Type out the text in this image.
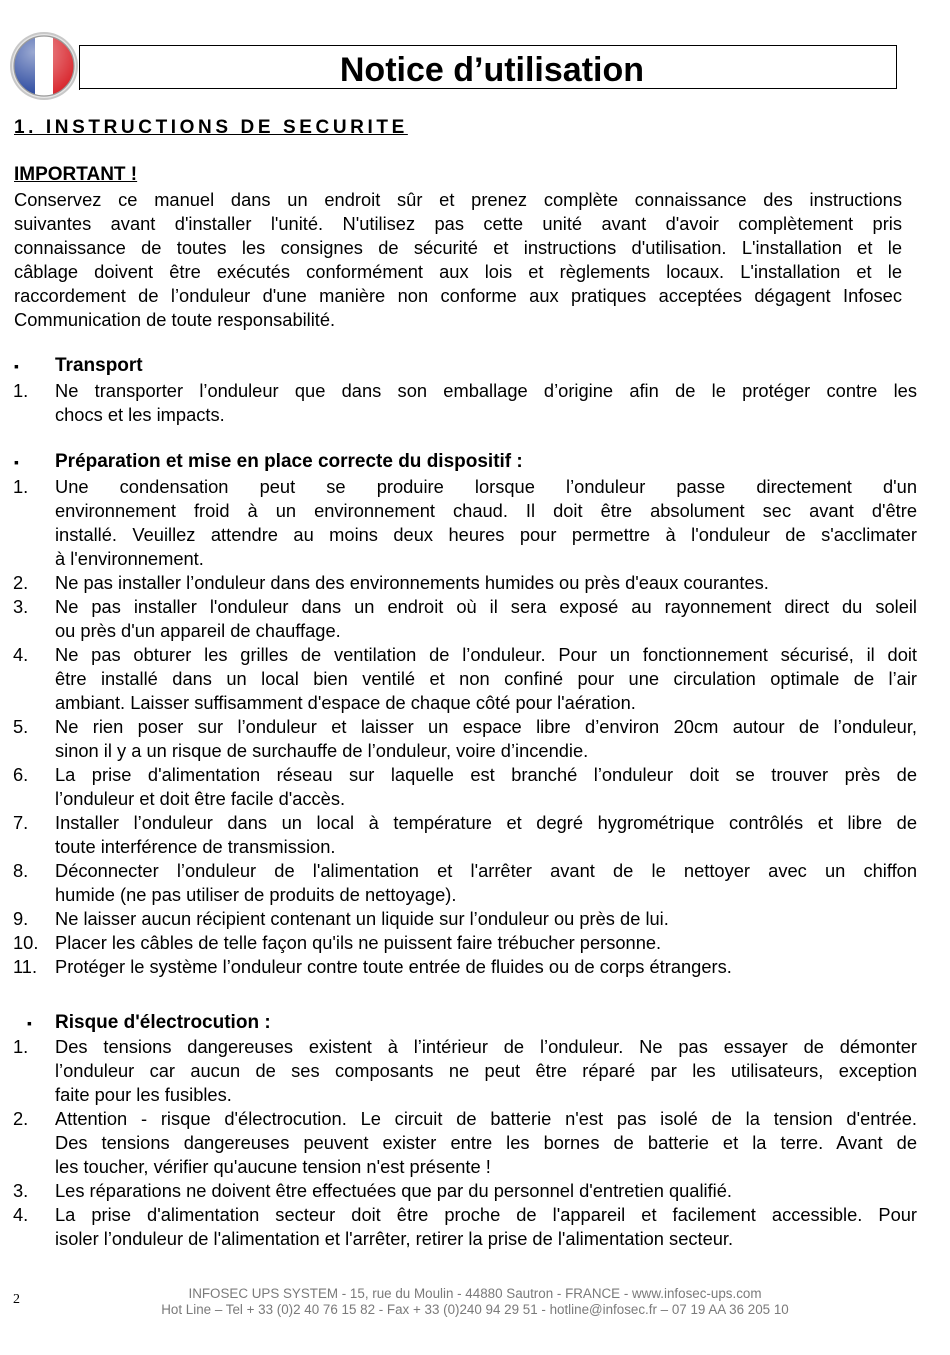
Notice d’utilisation
1. INSTRUCTIONS DE SECURITE
IMPORTANT !
Conservez ce manuel dans un endroit sûr et prenez complète connaissance des instructions
suivantes avant d'installer l'unité. N'utilisez pas cette unité avant d'avoir complètement pris
connaissance de toutes les consignes de sécurité et instructions d'utilisation. L'installation et le
câblage doivent être exécutés conformément aux lois et règlements locaux. L'installation et le
raccordement de l’onduleur d'une manière non conforme aux pratiques acceptées dégagent Infosec
Communication de toute responsabilité.
▪ Transport
1. Ne transporter l’onduleur que dans son emballage d’origine afin de le protéger contre les
chocs et les impacts.
▪ Préparation et mise en place correcte du dispositif :
1. Une condensation peut se produire lorsque l’onduleur passe directement d'un
environnement froid à un environnement chaud. Il doit être absolument sec avant d'être
installé. Veuillez attendre au moins deux heures pour permettre à l'onduleur de s'acclimater
à l'environnement.
2. Ne pas installer l’onduleur dans des environnements humides ou près d'eaux courantes.
3. Ne pas installer l'onduleur dans un endroit où il sera exposé au rayonnement direct du soleil
ou près d'un appareil de chauffage.
4. Ne pas obturer les grilles de ventilation de l’onduleur. Pour un fonctionnement sécurisé, il doit
être installé dans un local bien ventilé et non confiné pour une circulation optimale de l’air
ambiant. Laisser suffisamment d'espace de chaque côté pour l'aération.
5. Ne rien poser sur l’onduleur et laisser un espace libre d’environ 20cm autour de l’onduleur,
sinon il y a un risque de surchauffe de l’onduleur, voire d’incendie.
6. La prise d'alimentation réseau sur laquelle est branché l’onduleur doit se trouver près de
l’onduleur et doit être facile d'accès.
7. Installer l’onduleur dans un local à température et degré hygrométrique contrôlés et libre de
toute interférence de transmission.
8. Déconnecter l’onduleur de l'alimentation et l'arrêter avant de le nettoyer avec un chiffon
humide (ne pas utiliser de produits de nettoyage).
9. Ne laisser aucun récipient contenant un liquide sur l’onduleur ou près de lui.
10. Placer les câbles de telle façon qu'ils ne puissent faire trébucher personne.
11. Protéger le système l’onduleur contre toute entrée de fluides ou de corps étrangers.
▪ Risque d'électrocution :
1. Des tensions dangereuses existent à l’intérieur de l’onduleur. Ne pas essayer de démonter
l’onduleur car aucun de ses composants ne peut être réparé par les utilisateurs, exception
faite pour les fusibles.
2. Attention - risque d'électrocution. Le circuit de batterie n'est pas isolé de la tension d'entrée.
Des tensions dangereuses peuvent exister entre les bornes de batterie et la terre. Avant de
les toucher, vérifier qu'aucune tension n'est présente !
3. Les réparations ne doivent être effectuées que par du personnel d'entretien qualifié.
4. La prise d'alimentation secteur doit être proche de l'appareil et facilement accessible. Pour
isoler l’onduleur de l'alimentation et l'arrêter, retirer la prise de l'alimentation secteur.
2	INFOSEC UPS SYSTEM - 15, rue du Moulin - 44880 Sautron - FRANCE - www.infosec-ups.com
Hot Line – Tel + 33 (0)2 40 76 15 82 - Fax + 33 (0)240 94 29 51 - hotline@infosec.fr – 07 19 AA 36 205 10
